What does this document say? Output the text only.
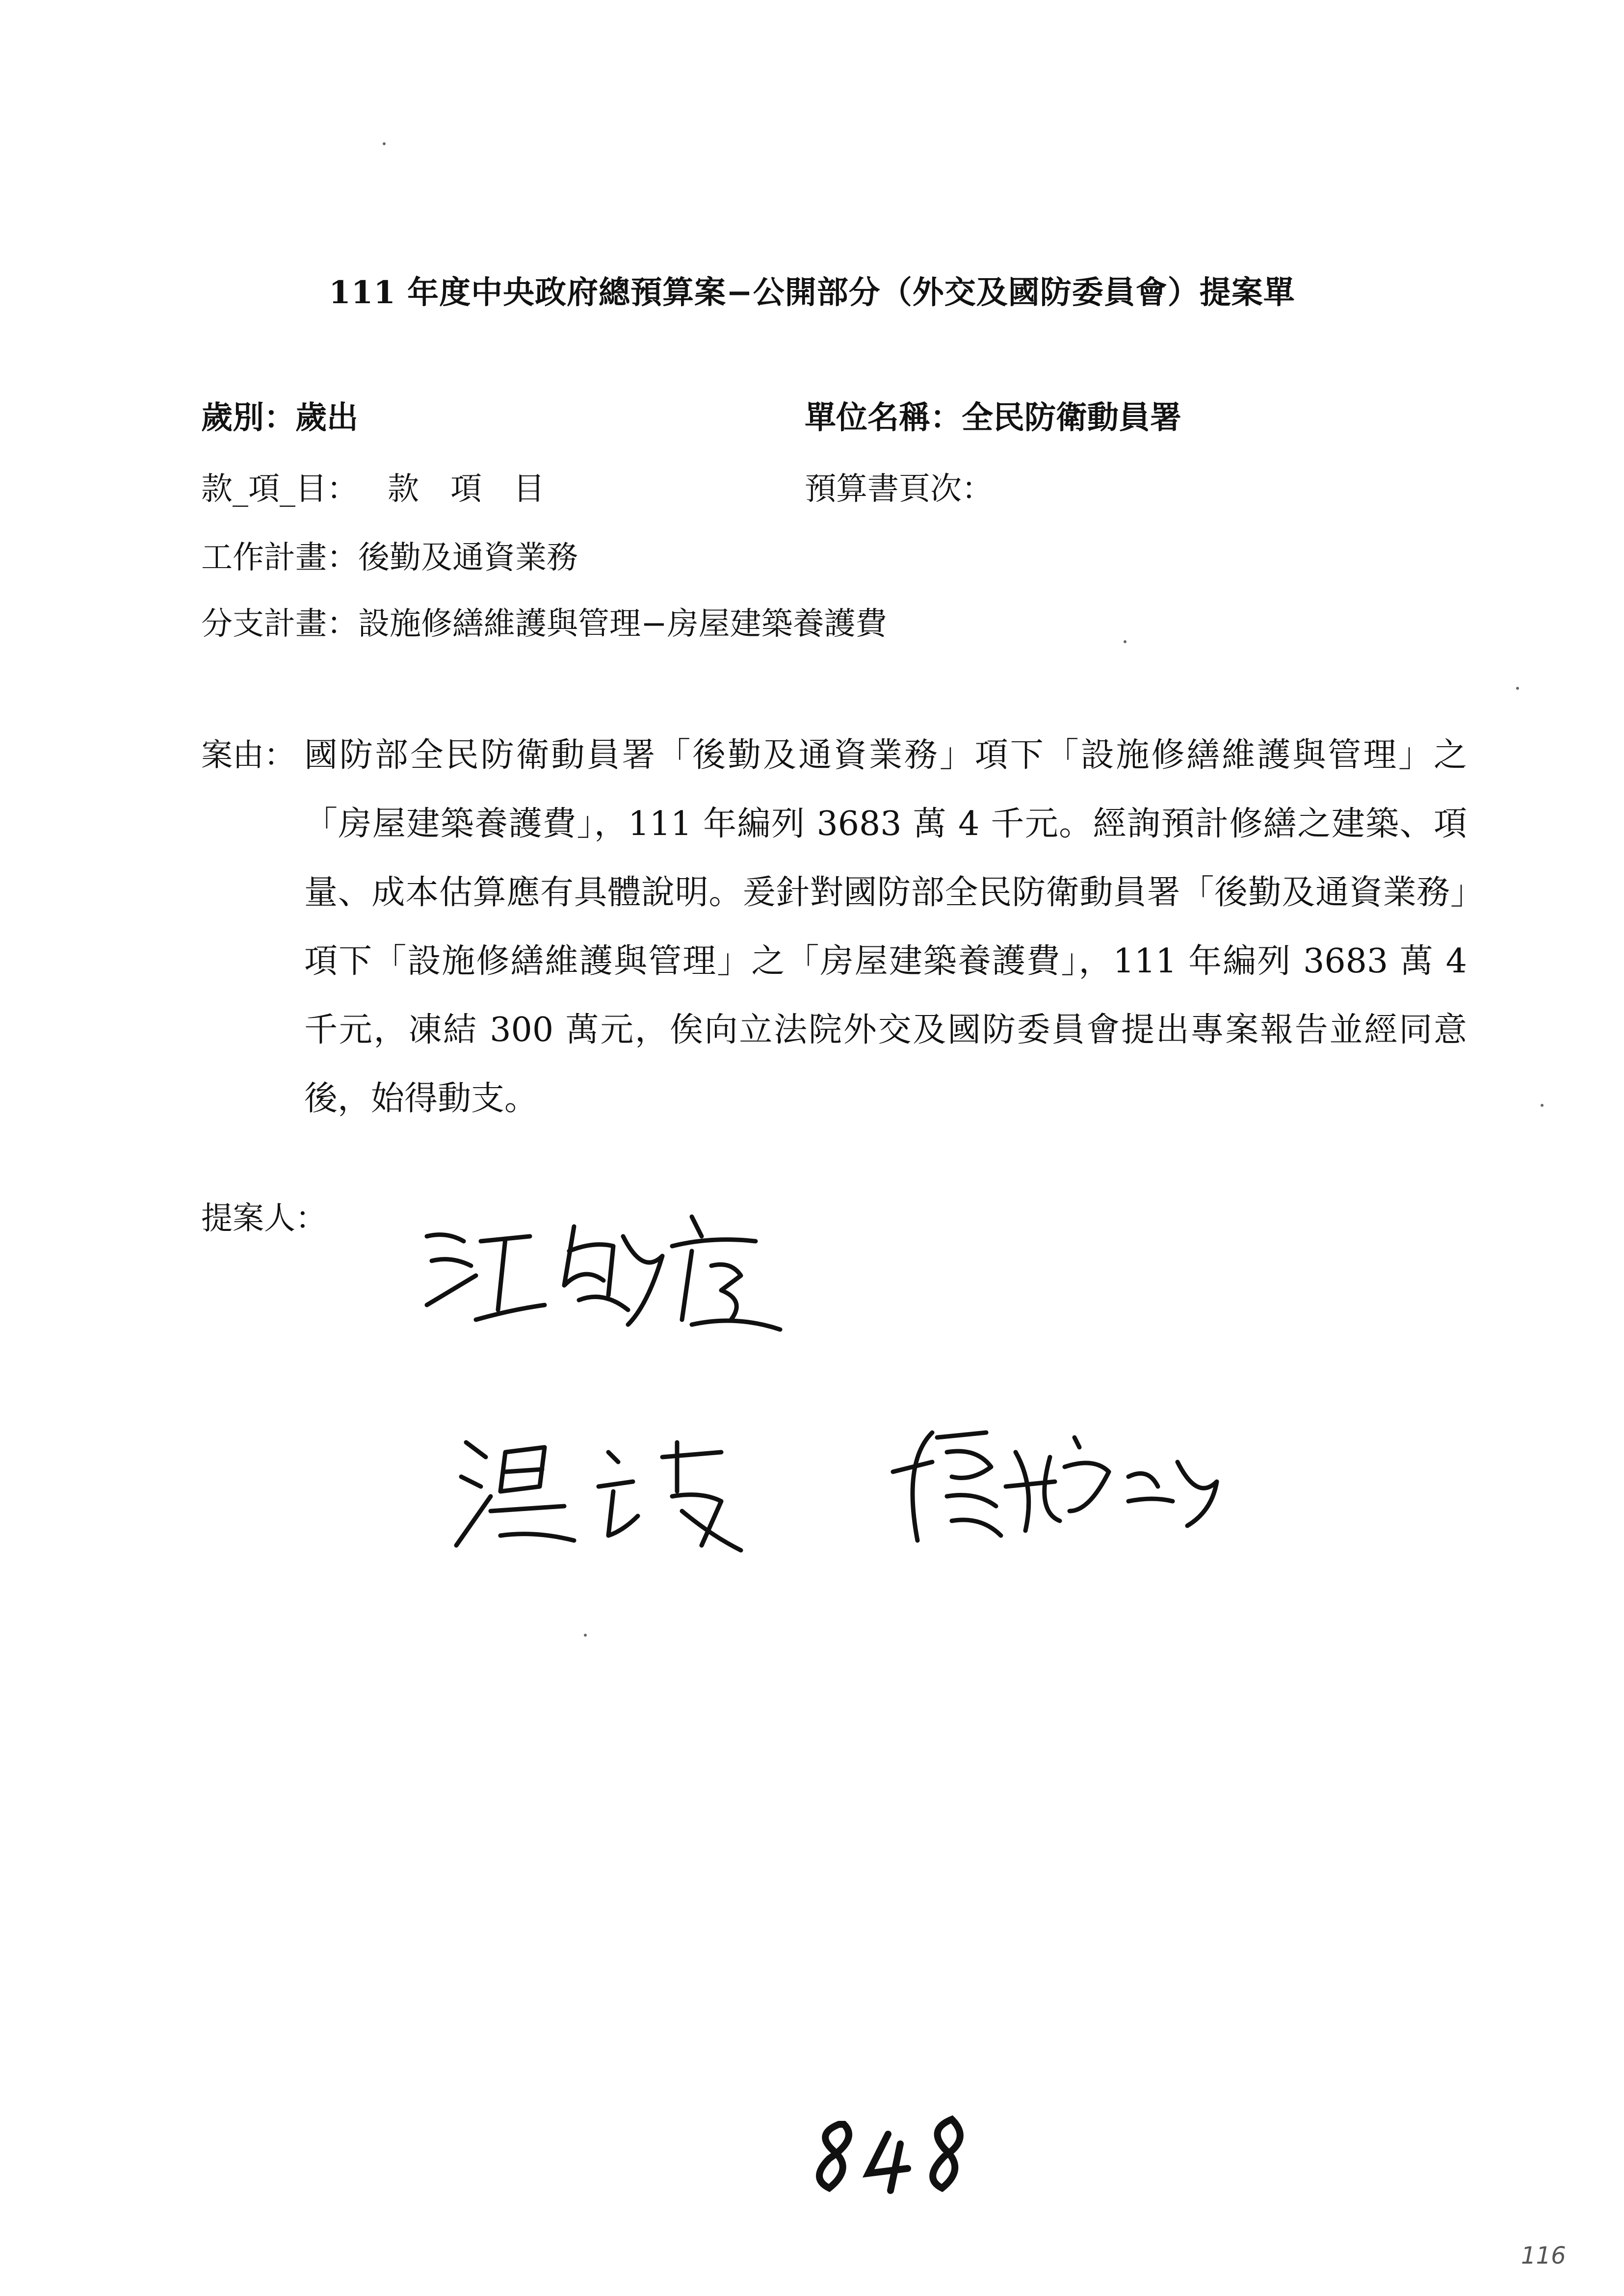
111 年度中央政府總預算案−公開部分（外交及國防委員會）提案單
歲別：歲出	單位名稱：全民防衛動員署
款_項_目： 款　項　目	預算書頁次：
工作計畫：後勤及通資業務
分支計畫：設施修繕維護與管理−房屋建築養護費
案由： 國防部全民防衛動員署「後勤及通資業務」項下「設施修繕維護與管理」之「房屋建築養護費」，111 年編列 3683 萬 4 千元。經詢預計修繕之建築、項量、成本估算應有具體說明。爰針對國防部全民防衛動員署「後勤及通資業務」項下「設施修繕維護與管理」之「房屋建築養護費」，111 年編列 3683 萬 4 千元，凍結 300 萬元，俟向立法院外交及國防委員會提出專案報告並經同意後，始得動支。
提案人：
116
